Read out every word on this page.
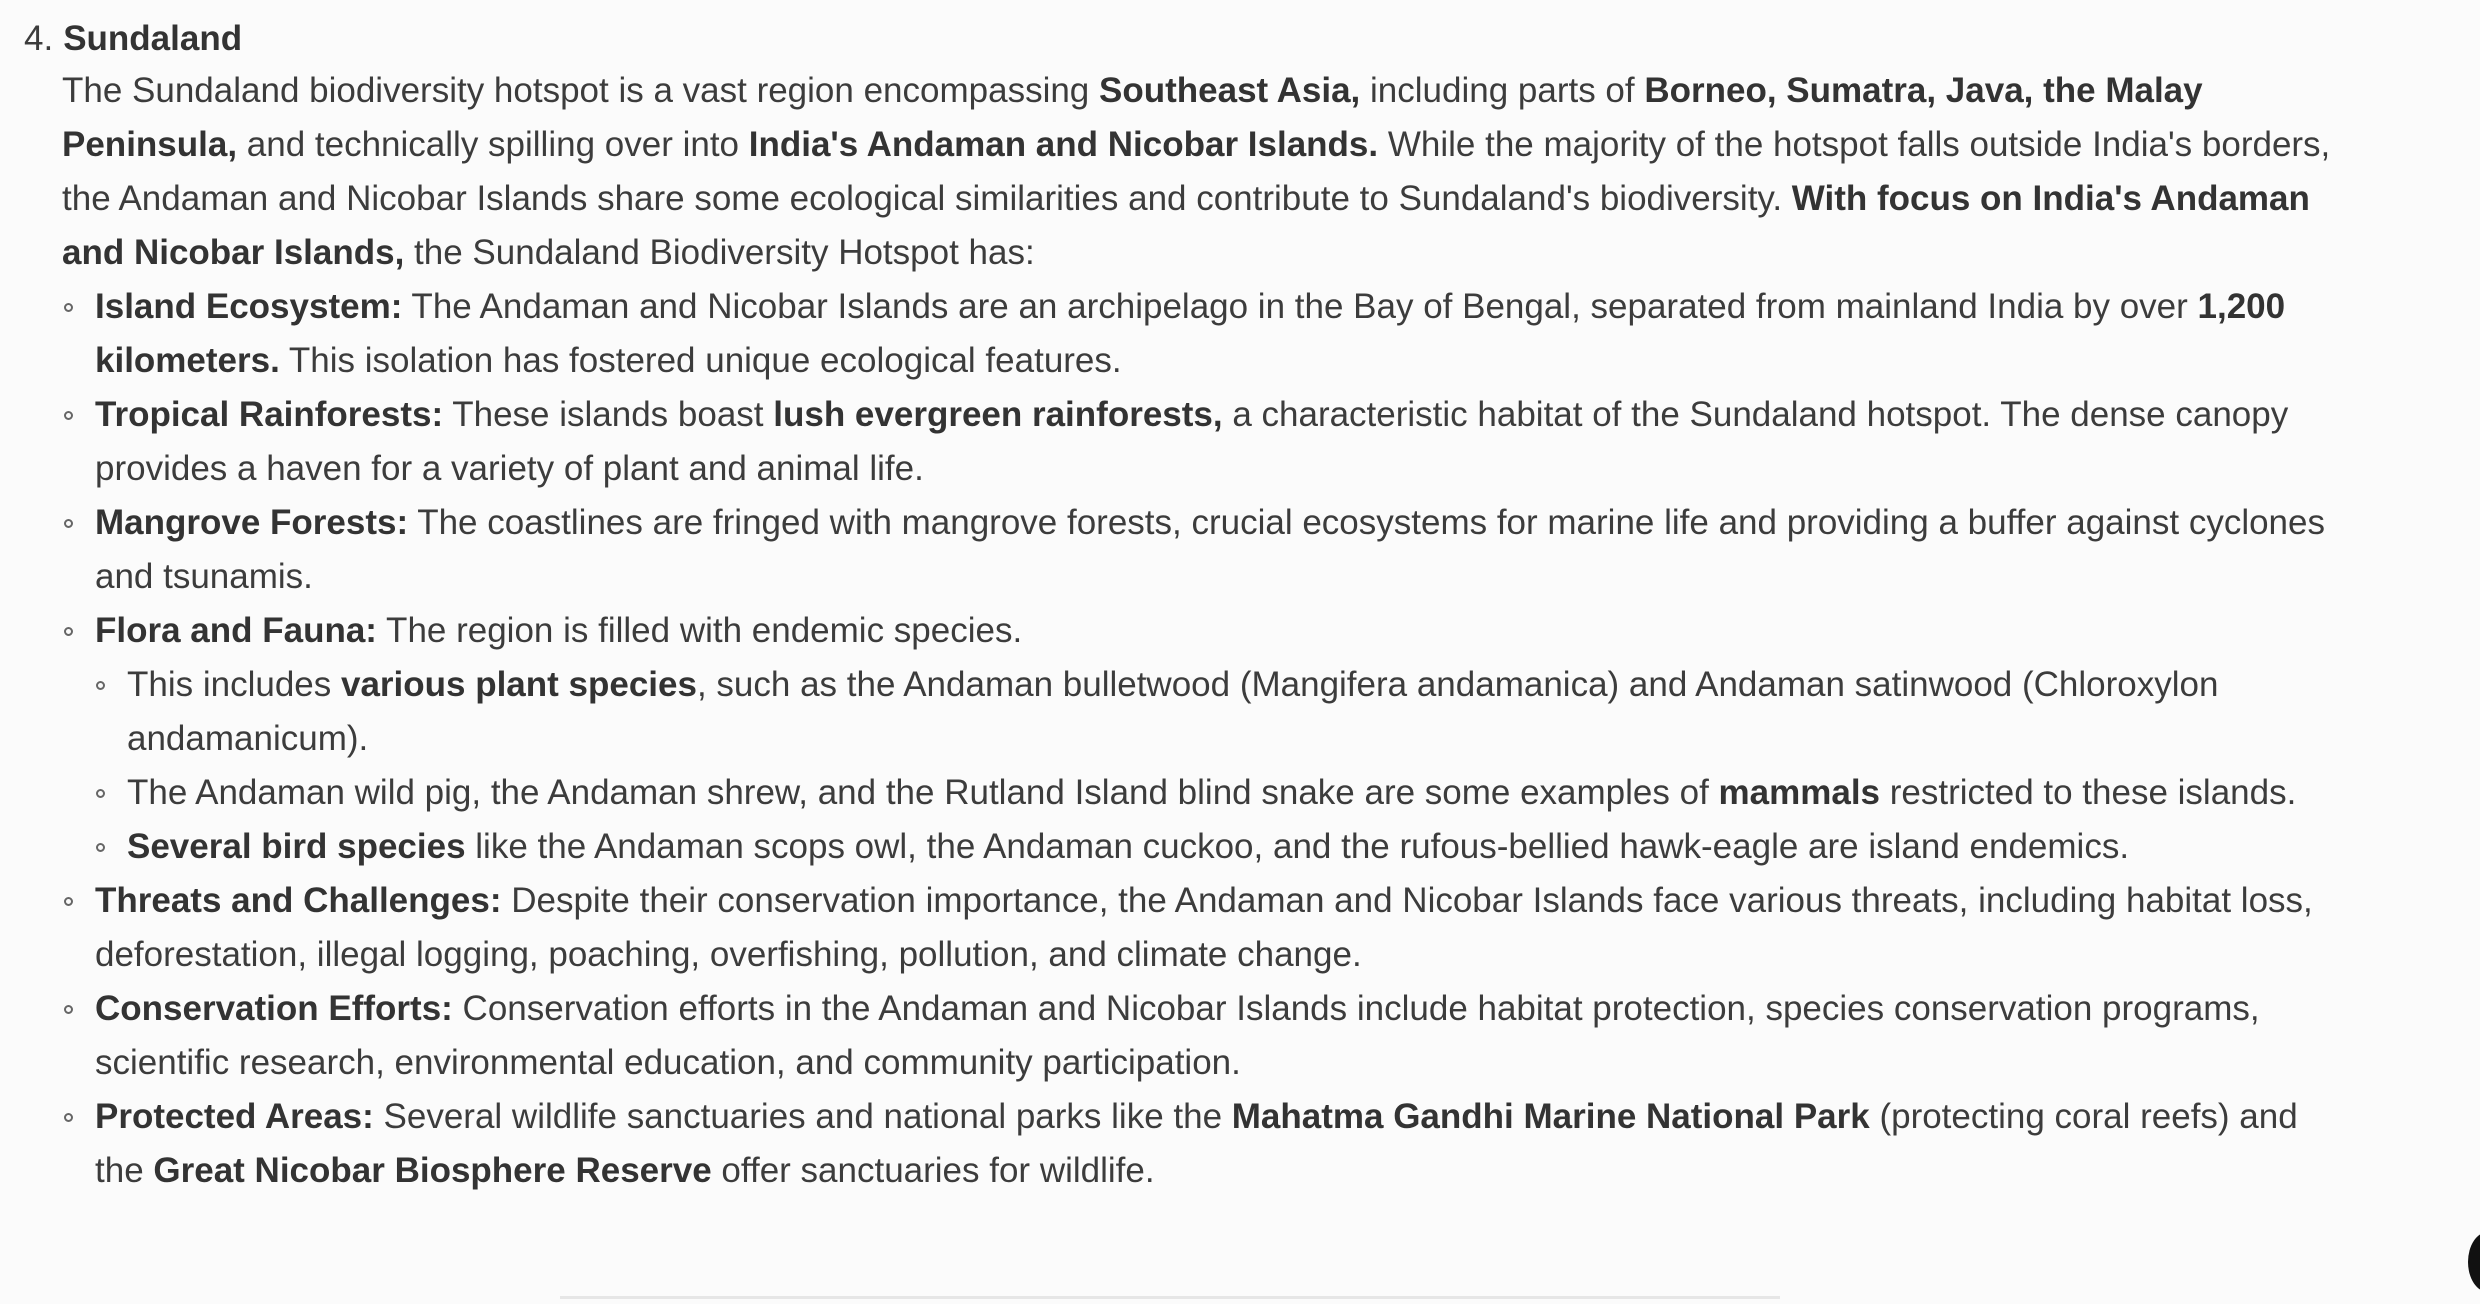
4. Sundaland
The Sundaland biodiversity hotspot is a vast region encompassing Southeast Asia, including parts of Borneo, Sumatra, Java, the Malay Peninsula, and technically spilling over into India's Andaman and Nicobar Islands. While the majority of the hotspot falls outside India's borders, the Andaman and Nicobar Islands share some ecological similarities and contribute to Sundaland's biodiversity. With focus on India's Andaman and Nicobar Islands, the Sundaland Biodiversity Hotspot has:
Island Ecosystem: The Andaman and Nicobar Islands are an archipelago in the Bay of Bengal, separated from mainland India by over 1,200 kilometers. This isolation has fostered unique ecological features.
Tropical Rainforests: These islands boast lush evergreen rainforests, a characteristic habitat of the Sundaland hotspot. The dense canopy provides a haven for a variety of plant and animal life.
Mangrove Forests: The coastlines are fringed with mangrove forests, crucial ecosystems for marine life and providing a buffer against cyclones and tsunamis.
Flora and Fauna: The region is filled with endemic species.
This includes various plant species, such as the Andaman bulletwood (Mangifera andamanica) and Andaman satinwood (Chloroxylon andamanicum).
The Andaman wild pig, the Andaman shrew, and the Rutland Island blind snake are some examples of mammals restricted to these islands.
Several bird species like the Andaman scops owl, the Andaman cuckoo, and the rufous-bellied hawk-eagle are island endemics.
Threats and Challenges: Despite their conservation importance, the Andaman and Nicobar Islands face various threats, including habitat loss, deforestation, illegal logging, poaching, overfishing, pollution, and climate change.
Conservation Efforts: Conservation efforts in the Andaman and Nicobar Islands include habitat protection, species conservation programs, scientific research, environmental education, and community participation.
Protected Areas: Several wildlife sanctuaries and national parks like the Mahatma Gandhi Marine National Park (protecting coral reefs) and the Great Nicobar Biosphere Reserve offer sanctuaries for wildlife.
